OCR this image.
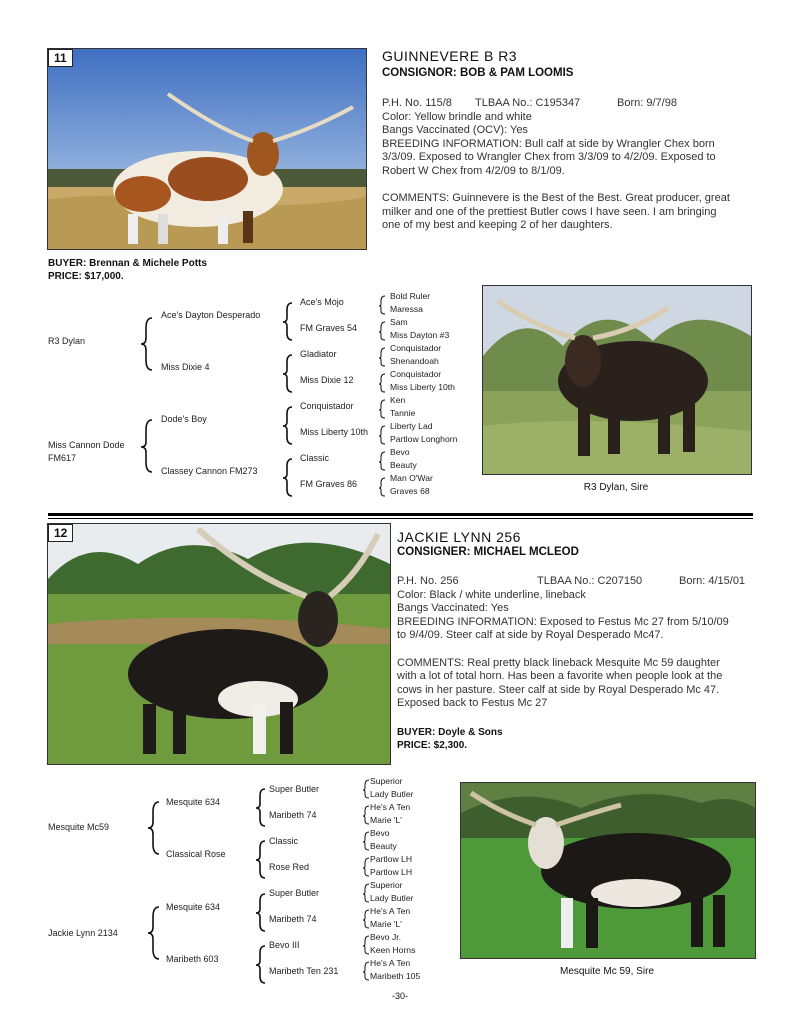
11	GUINNEVERE B R3
CONSIGNOR: BOB & PAM LOOMIS
P.H. No. 115/8 TLBAA No.: C195347	Born: 9/7/98
Color: Yellow brindle and white
Bangs Vaccinated (OCV): Yes
BREEDING INFORMATION: Bull calf at side by Wrangler Chex born
3/3/09. Exposed to Wrangler Chex from 3/3/09 to 4/2/09. Exposed to
Robert W Chex from 4/2/09 to 8/1/09.
COMMENTS: Guinnevere is the Best of the Best. Great producer, great
milker and one of the prettiest Butler cows I have seen. I am bringing
one of my best and keeping 2 of her daughters.
BUYER: Brennan & Michele Potts
PRICE: $17,000.
R3 Dylan
Miss Cannon Dode
FM617
Ace's Dayton Desperado
Miss Dixie 4
Dode's Boy
Classey Cannon FM273
Ace's Mojo
FM Graves 54
Gladiator
Miss Dixie 12
Conquistador
Miss Liberty 10th
Classic
FM Graves 86
Bold Ruler
Maressa
Sam
Miss Dayton #3
Conquistador
Shenandoah
Conquistador
Miss Liberty 10th
Ken
Tannie
Liberty Lad
Partlow Longhorn
Bevo
Beauty
Man O'War
Graves 68	R3 Dylan, Sire
12	JACKIE LYNN 256
CONSIGNER: MICHAEL MCLEOD
P.H. No. 256	TLBAA No.: C207150	Born: 4/15/01
Color: Black / white underline, lineback
Bangs Vaccinated: Yes
BREEDING INFORMATION: Exposed to Festus Mc 27 from 5/10/09
to 9/4/09. Steer calf at side by Royal Desperado Mc47.
COMMENTS: Real pretty black lineback Mesquite Mc 59 daughter
with a lot of total horn. Has been a favorite when people look at the
cows in her pasture. Steer calf at side by Royal Desperado Mc 47.
Exposed back to Festus Mc 27
BUYER: Doyle & Sons
PRICE: $2,300.
Mesquite Mc59
Jackie Lynn 2134
Mesquite 634
Classical Rose
Mesquite 634
Maribeth 603
Super Butler
Maribeth 74
Classic
Rose Red
Super Butler
Maribeth 74
Bevo III
Maribeth Ten 231
Superior
Lady Butler
He's A Ten
Marie 'L'
Bevo
Beauty
Partlow LH
Partlow LH
Superior
Lady Butler
He's A Ten
Marie 'L'
Bevo Jr.
Keen Horns
He's A Ten
Maribeth 105	Mesquite Mc 59, Sire
-30-
